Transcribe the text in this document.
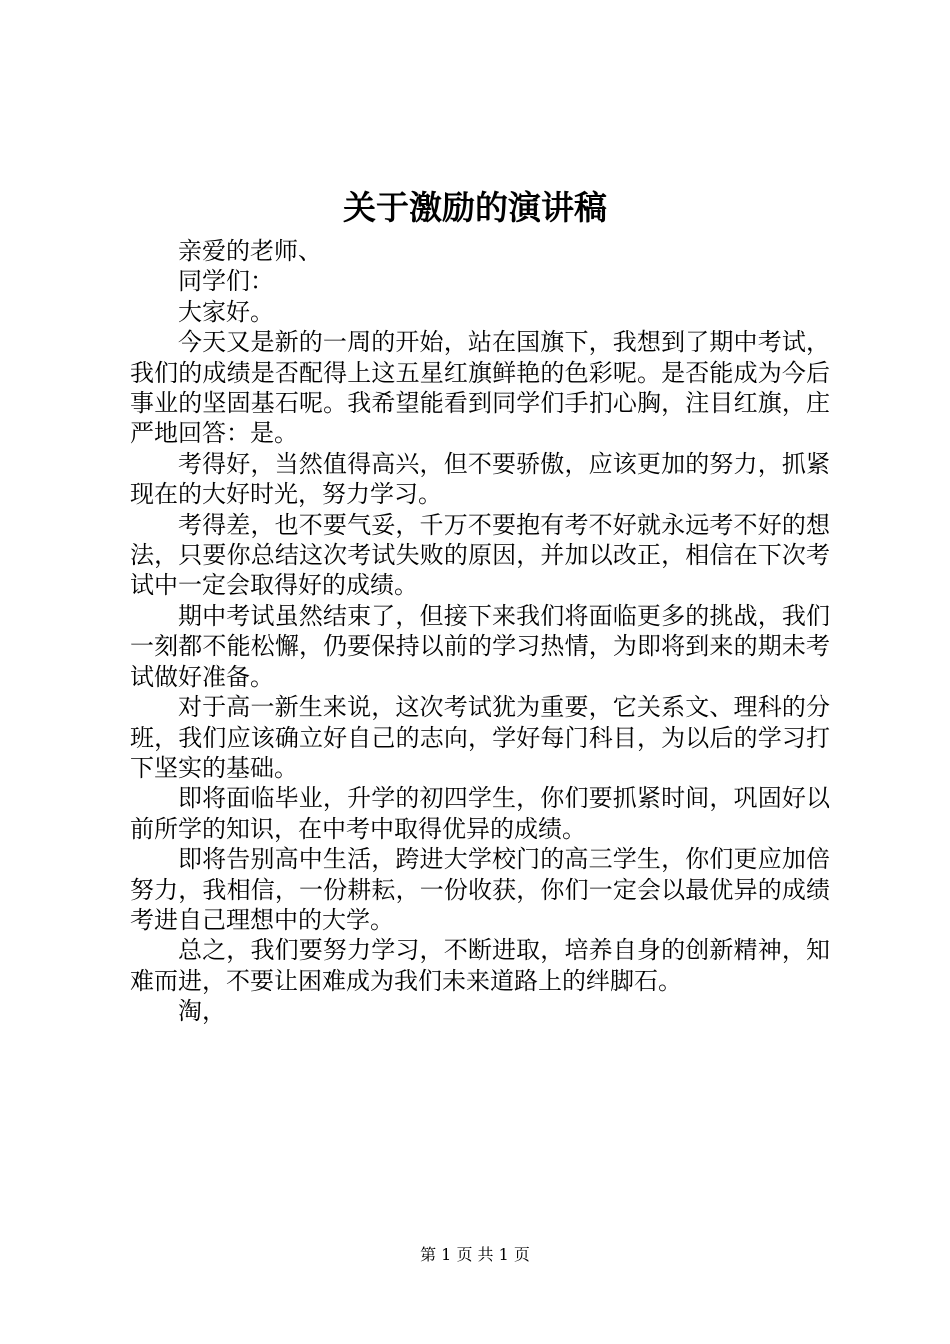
关于激励的演讲稿

亲爱的老师、

同学们：

大家好。

今天又是新的一周的开始，站在国旗下，我想到了期中考试，我们的成绩是否配得上这五星红旗鲜艳的色彩呢。是否能成为今后事业的坚固基石呢。我希望能看到同学们手扪心胸，注目红旗，庄严地回答：是。

考得好，当然值得高兴，但不要骄傲，应该更加的努力，抓紧现在的大好时光，努力学习。

考得差，也不要气妥，千万不要抱有考不好就永远考不好的想法，只要你总结这次考试失败的原因，并加以改正，相信在下次考试中一定会取得好的成绩。

期中考试虽然结束了，但接下来我们将面临更多的挑战，我们一刻都不能松懈，仍要保持以前的学习热情，为即将到来的期未考试做好准备。

对于高一新生来说，这次考试犹为重要，它关系文、理科的分班，我们应该确立好自己的志向，学好每门科目，为以后的学习打下坚实的基础。

即将面临毕业，升学的初四学生，你们要抓紧时间，巩固好以前所学的知识，在中考中取得优异的成绩。

即将告别高中生活，跨进大学校门的高三学生，你们更应加倍努力，我相信，一份耕耘，一份收获，你们一定会以最优异的成绩考进自己理想中的大学。

总之，我们要努力学习，不断进取，培养自身的创新精神，知难而进，不要让困难成为我们未来道路上的绊脚石。

淘，

第 1 页 共 1 页
